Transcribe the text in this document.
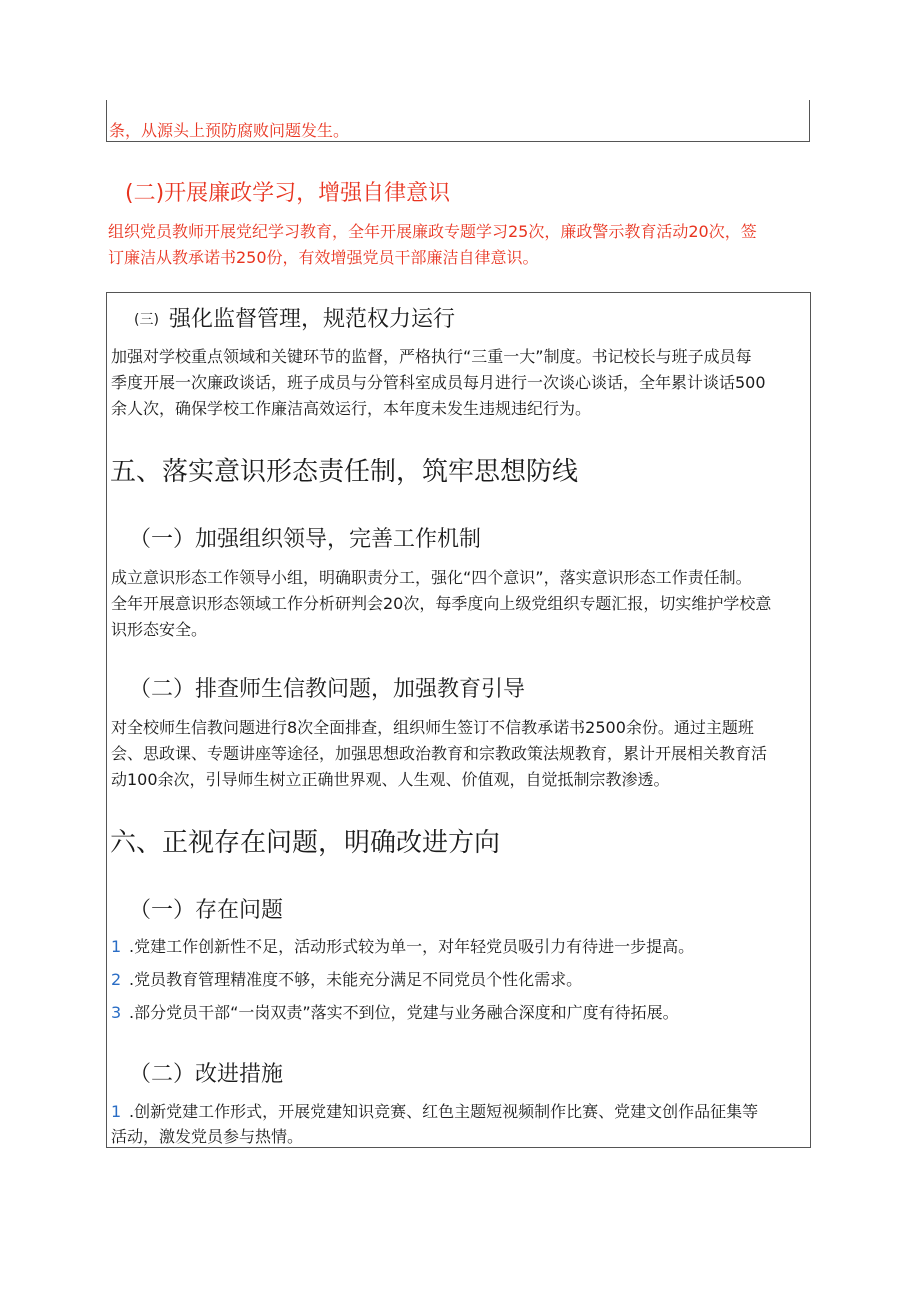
条，从源头上预防腐败问题发生。
(二)开展廉政学习，增强自律意识
组织党员教师开展党纪学习教育，全年开展廉政专题学习25次，廉政警示教育活动20次，签
订廉洁从教承诺书250份，有效增强党员干部廉洁自律意识。
(三) 强化监督管理，规范权力运行
加强对学校重点领域和关键环节的监督，严格执行“三重一大”制度。书记校长与班子成员每
季度开展一次廉政谈话，班子成员与分管科室成员每月进行一次谈心谈话，全年累计谈话500
余人次，确保学校工作廉洁高效运行，本年度未发生违规违纪行为。
五、落实意识形态责任制，筑牢思想防线
（一）加强组织领导，完善工作机制
成立意识形态工作领导小组，明确职责分工，强化“四个意识”，落实意识形态工作责任制。
全年开展意识形态领域工作分析研判会20次，每季度向上级党组织专题汇报，切实维护学校意
识形态安全。
（二）排查师生信教问题，加强教育引导
对全校师生信教问题进行8次全面排查，组织师生签订不信教承诺书2500余份。通过主题班
会、思政课、专题讲座等途径，加强思想政治教育和宗教政策法规教育，累计开展相关教育活
动100余次，引导师生树立正确世界观、人生观、价值观，自觉抵制宗教渗透。
六、正视存在问题，明确改进方向
（一）存在问题
1 .党建工作创新性不足，活动形式较为单一，对年轻党员吸引力有待进一步提高。
2 .党员教育管理精准度不够，未能充分满足不同党员个性化需求。
3 .部分党员干部“一岗双责”落实不到位，党建与业务融合深度和广度有待拓展。
（二）改进措施
1 .创新党建工作形式，开展党建知识竞赛、红色主题短视频制作比赛、党建文创作品征集等
活动，激发党员参与热情。
